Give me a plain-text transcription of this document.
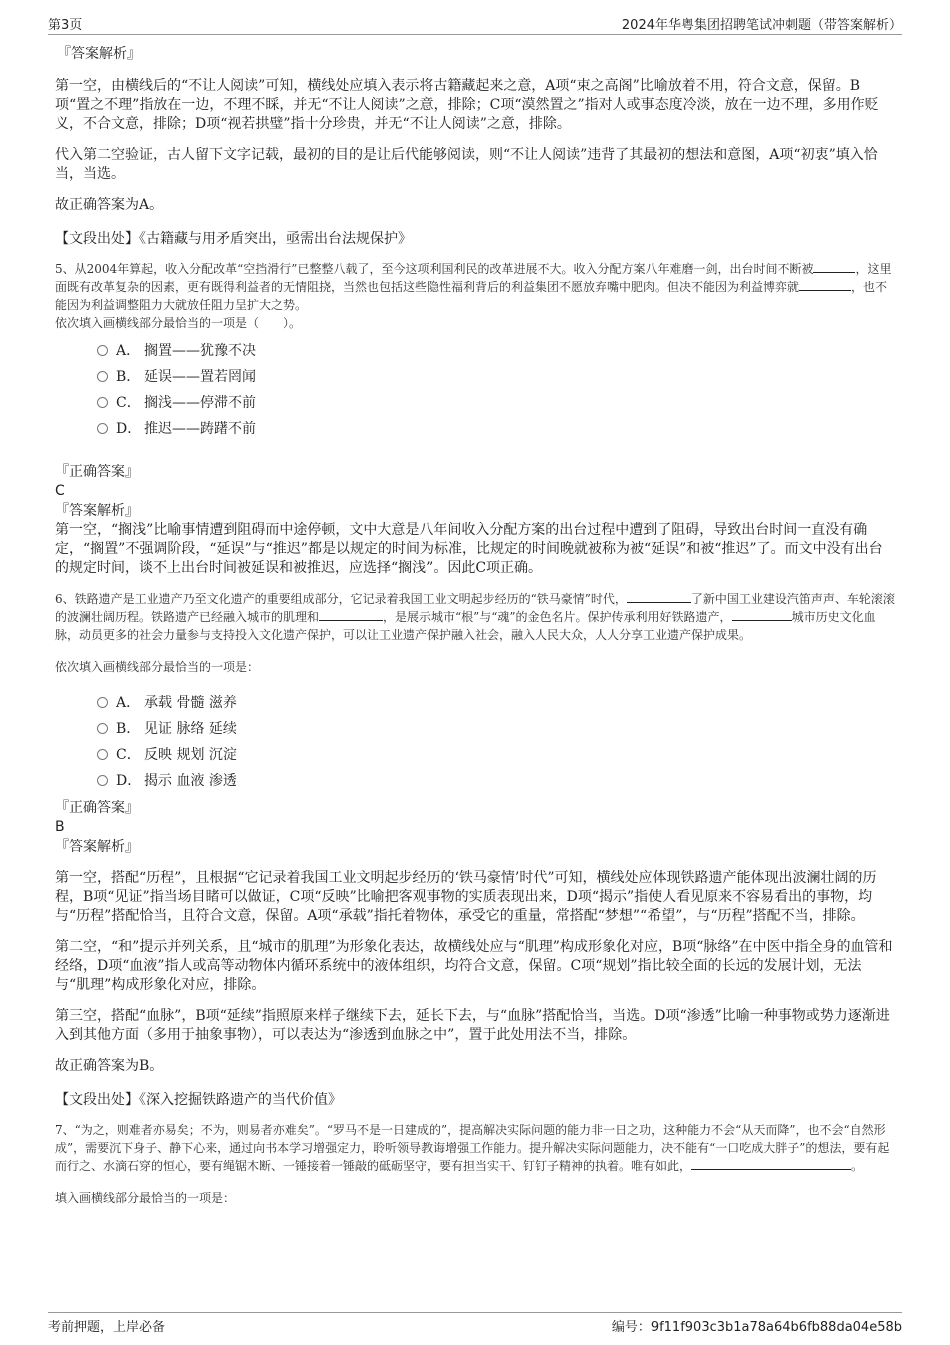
第3页	2024年华粤集团招聘笔试冲刺题（带答案解析）
『答案解析』

第一空，由横线后的“不让人阅读”可知，横线处应填入表示将古籍藏起来之意，A项“束之高阁”比喻放着不用，符合文意，保留。B项“置之不理”指放在一边，不理不睬，并无“不让人阅读”之意，排除；C项“漠然置之”指对人或事态度冷淡，放在一边不理，多用作贬义，不合文意，排除；D项“视若拱璧”指十分珍贵，并无“不让人阅读”之意，排除。

代入第二空验证，古人留下文字记载，最初的目的是让后代能够阅读，则“不让人阅读”违背了其最初的想法和意图，A项“初衷”填入恰当，当选。

故正确答案为A。

【文段出处】《古籍藏与用矛盾突出，亟需出台法规保护》
5、从2004年算起，收入分配改革“空挡滑行”已整整八载了，至今这项利国利民的改革进展不大。收入分配方案八年难磨一剑，出台时间不断被	，这里面既有改革复杂的因素，更有既得利益者的无情阻挠，当然也包括这些隐性福利背后的利益集团不愿放弃嘴中肥肉。但决不能因为利益博弈就	，也不能因为利益调整阻力大就放任阻力呈扩大之势。
依次填入画横线部分最恰当的一项是（　　）。
A． 搁置——犹豫不决
B． 延误——置若罔闻
C． 搁浅——停滞不前
D． 推迟——踌躇不前
『正确答案』
C
『答案解析』

第一空，“搁浅”比喻事情遭到阻碍而中途停顿，文中大意是八年间收入分配方案的出台过程中遭到了阻碍，导致出台时间一直没有确定，“搁置”不强调阶段，“延误”与“推迟”都是以规定的时间为标准，比规定的时间晚就被称为被“延误”和被“推迟”了。而文中没有出台的规定时间，谈不上出台时间被延误和被推迟，应选择“搁浅”。因此C项正确。

6、铁路遗产是工业遗产乃至文化遗产的重要组成部分，它记录着我国工业文明起步经历的“铁马豪情”时代，	了新中国工业建设汽笛声声、车轮滚滚的波澜壮阔历程。铁路遗产已经融入城市的肌理和	，是展示城市“根”与“魂”的金色名片。保护传承利用好铁路遗产，	城市历史文化血脉，动员更多的社会力量参与支持投入文化遗产保护，可以让工业遗产保护融入社会，融入人民大众，人人分享工业遗产保护成果。
依次填入画横线部分最恰当的一项是：
A． 承载 骨髓 滋养
B． 见证 脉络 延续
C． 反映 规划 沉淀
D． 揭示 血液 渗透
『正确答案』
B
『答案解析』

第一空，搭配“历程”，且根据“它记录着我国工业文明起步经历的‘铁马豪情’时代”可知，横线处应体现铁路遗产能体现出波澜壮阔的历程，B项“见证”指当场目睹可以做证，C项“反映”比喻把客观事物的实质表现出来，D项“揭示”指使人看见原来不容易看出的事物，均与“历程”搭配恰当，且符合文意，保留。A项“承载”指托着物体，承受它的重量，常搭配“梦想”“希望”，与“历程”搭配不当，排除。

第二空，“和”提示并列关系，且“城市的肌理”为形象化表达，故横线处应与“肌理”构成形象化对应，B项“脉络”在中医中指全身的血管和经络，D项“血液”指人或高等动物体内循环系统中的液体组织，均符合文意，保留。C项“规划”指比较全面的长远的发展计划，无法与“肌理”构成形象化对应，排除。

第三空，搭配“血脉”，B项“延续”指照原来样子继续下去，延长下去，与“血脉”搭配恰当，当选。D项“渗透”比喻一种事物或势力逐渐进入到其他方面（多用于抽象事物），可以表达为“渗透到血脉之中”，置于此处用法不当，排除。

故正确答案为B。

【文段出处】《深入挖掘铁路遗产的当代价值》
7、“为之，则难者亦易矣；不为，则易者亦难矣”。“罗马不是一日建成的”，提高解决实际问题的能力非一日之功，这种能力不会“从天而降”，也不会“自然形成”，需要沉下身子、静下心来，通过向书本学习增强定力，聆听领导教诲增强工作能力。提升解决实际问题能力，决不能有“一口吃成大胖子”的想法，要有起而行之、水滴石穿的恒心，要有绳锯木断、一锤接着一锤敲的砥砺坚守，要有担当实干、钉钉子精神的执着。唯有如此，	。
填入画横线部分最恰当的一项是：
考前押题，上岸必备	编号：9f11f903c3b1a78a64b6fb88da04e58b
